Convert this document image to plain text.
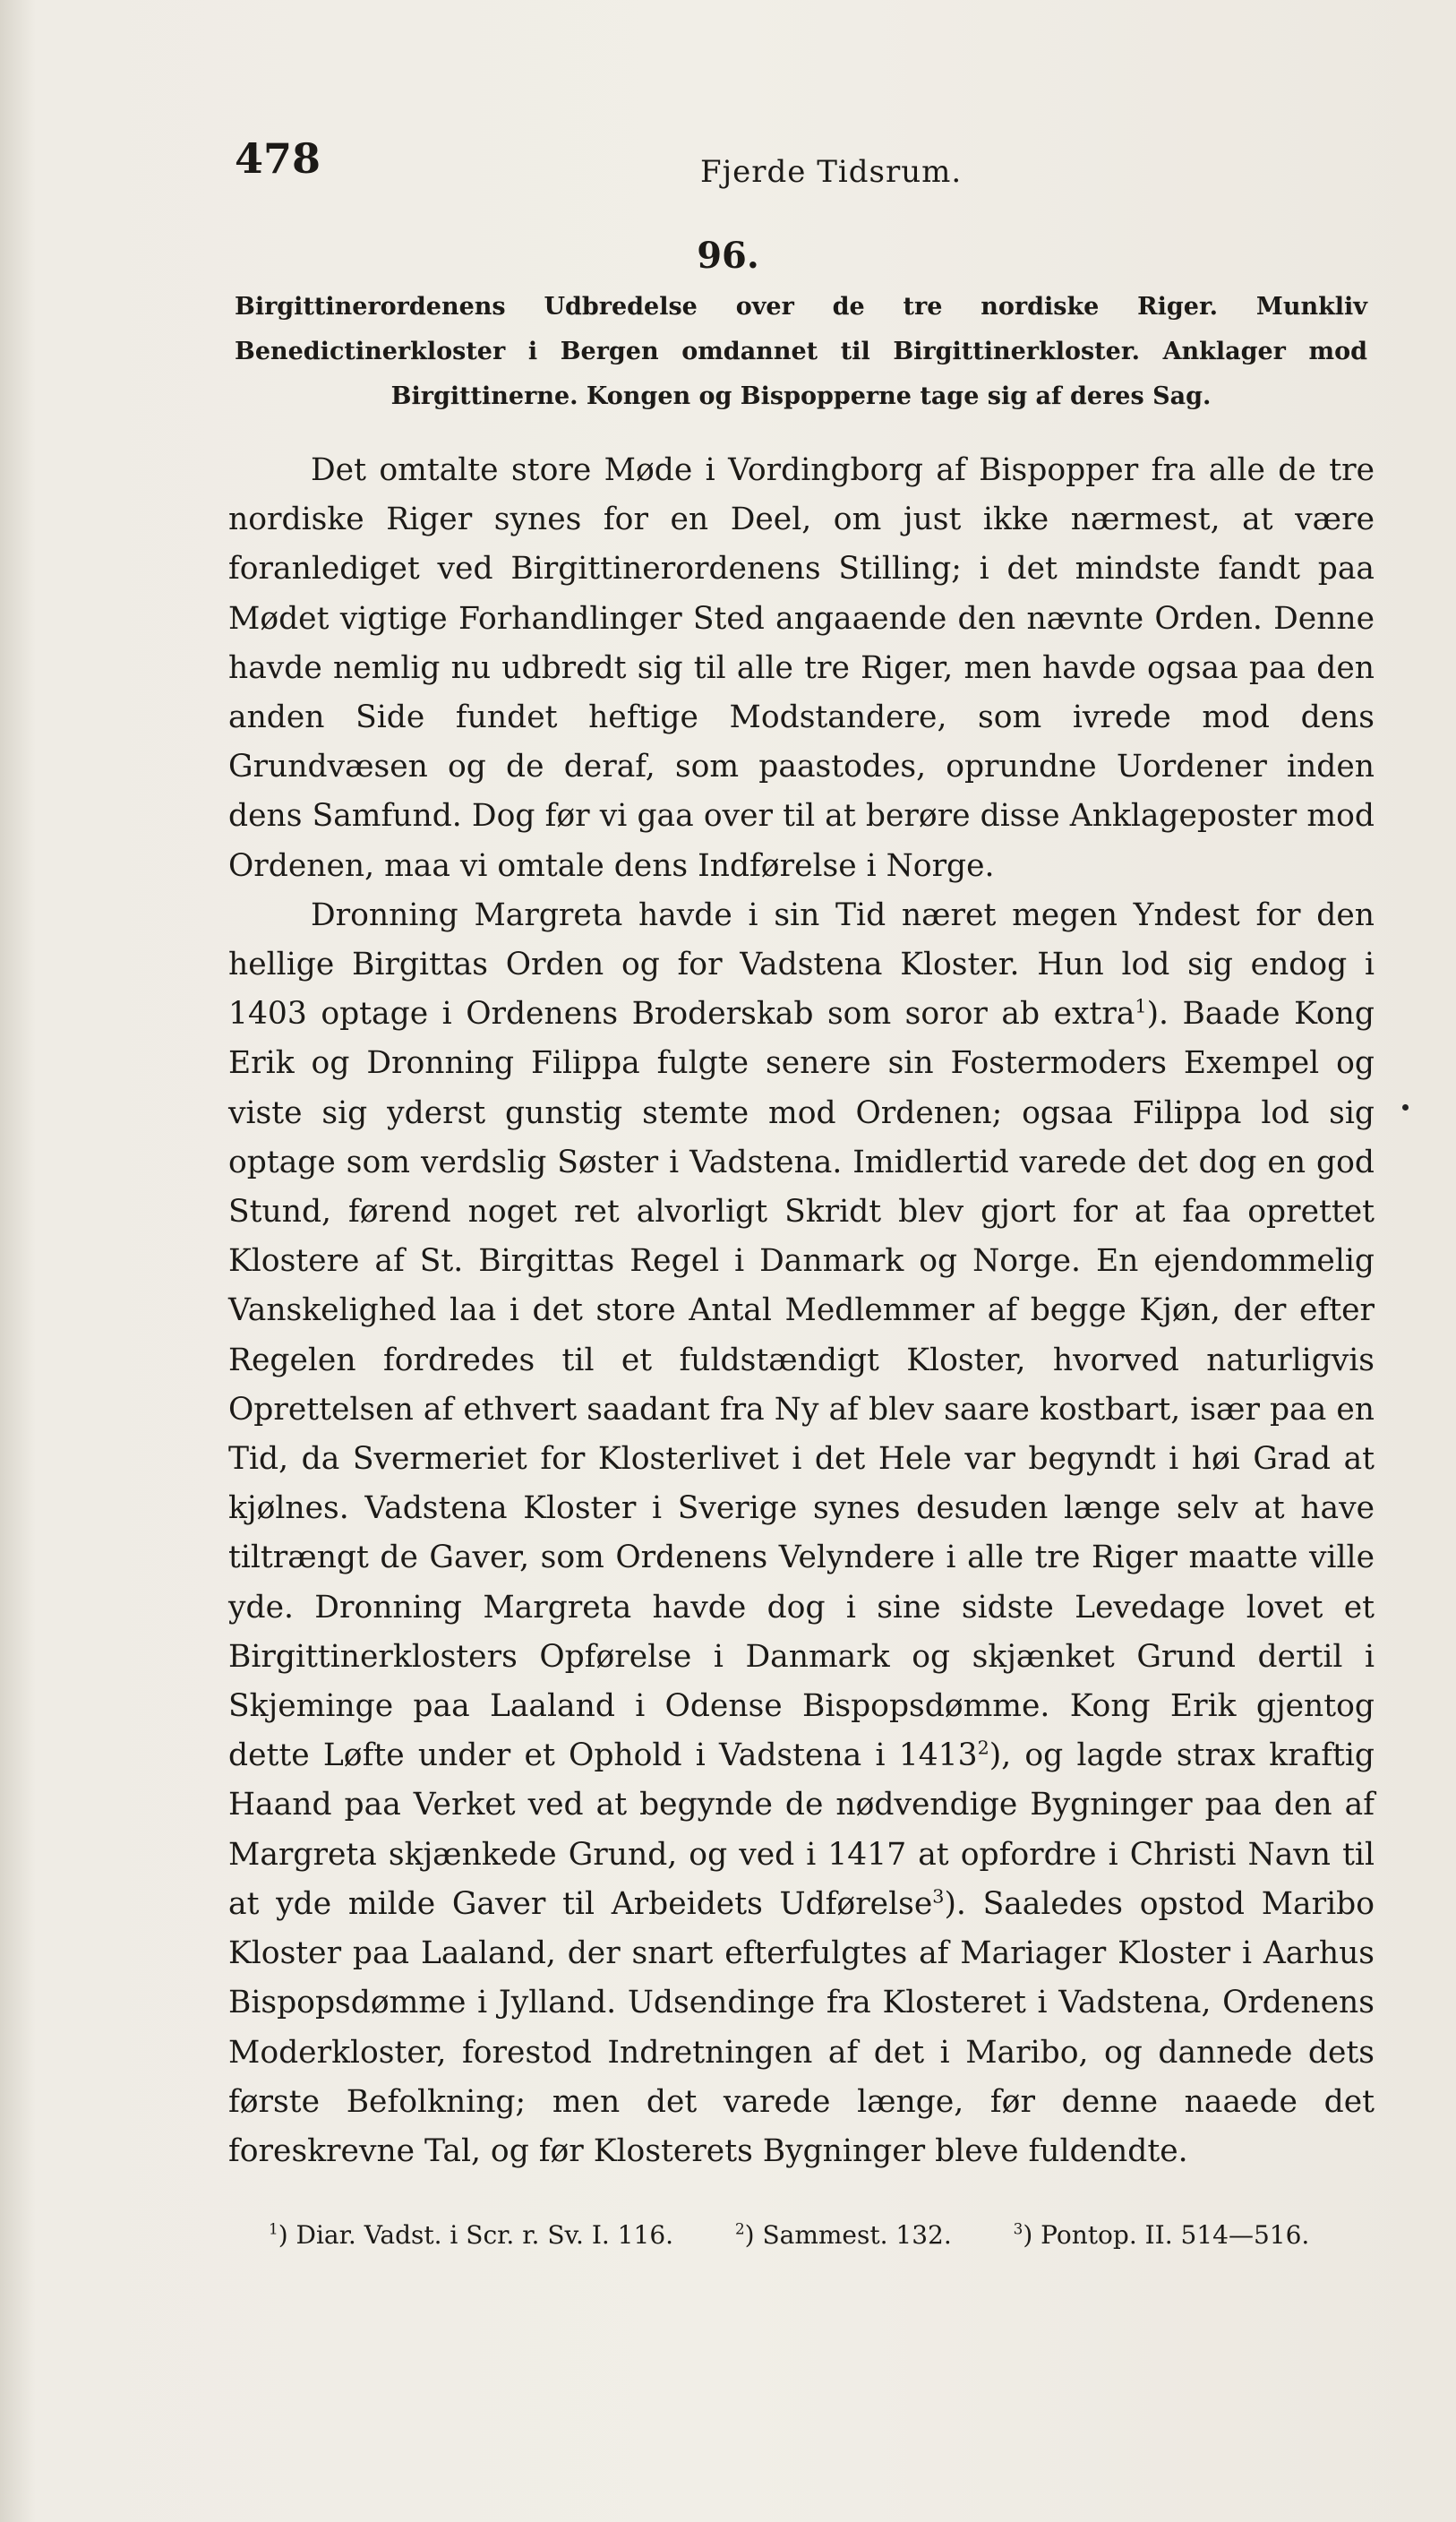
478	Fjerde Tidsrum.
96.
Birgittinerordenens Udbredelse over de tre nordiske Riger. Munkliv Benedictinerkloster i Bergen omdannet til Birgittinerkloster. Anklager mod Birgittinerne. Kongen og Bispopperne tage sig af deres Sag.

Det omtalte store Møde i Vordingborg af Bispopper fra alle de tre nordiske Riger synes for en Deel, om just ikke nærmest, at være foranlediget ved Birgittinerordenens Stilling; i det mindste fandt paa Mødet vigtige Forhandlinger Sted angaaende den nævnte Orden. Denne havde nemlig nu udbredt sig til alle tre Riger, men havde ogsaa paa den anden Side fundet heftige Modstandere, som ivrede mod dens Grundvæsen og de deraf, som paastodes, oprundne Uordener inden dens Samfund. Dog før vi gaa over til at berøre disse Anklageposter mod Ordenen, maa vi omtale dens Indførelse i Norge.

Dronning Margreta havde i sin Tid næret megen Yndest for den hellige Birgittas Orden og for Vadstena Kloster. Hun lod sig endog i 1403 optage i Ordenens Broderskab som soror ab extra$^1$). Baade Kong Erik og Dronning Filippa fulgte senere sin Fostermoders Exempel og viste sig yderst gunstig stemte mod Ordenen; ogsaa Filippa lod sig optage som verdslig Søster i Vadstena. Imidlertid varede det dog en god Stund, førend noget ret alvorligt Skridt blev gjort for at faa oprettet Klostere af St. Birgittas Regel i Danmark og Norge. En ejendommelig Vanskelighed laa i det store Antal Medlemmer af begge Kjøn, der efter Regelen fordredes til et fuldstændigt Kloster, hvorved naturligvis Oprettelsen af ethvert saadant fra Ny af blev saare kostbart, især paa en Tid, da Svermeriet for Klosterlivet i det Hele var begyndt i høi Grad at kjølnes. Vadstena Kloster i Sverige synes desuden længe selv at have tiltrængt de Gaver, som Ordenens Velyndere i alle tre Riger maatte ville yde. Dronning Margreta havde dog i sine sidste Levedage lovet et Birgittinerklosters Opførelse i Danmark og skjænket Grund dertil i Skjeminge paa Laaland i Odense Bispopsdømme. Kong Erik gjentog dette Løfte under et Ophold i Vadstena i 1413$^2$), og lagde strax kraftig Haand paa Verket ved at begynde de nødvendige Bygninger paa den af Margreta skjænkede Grund, og ved i 1417 at opfordre i Christi Navn til at yde milde Gaver til Arbeidets Udførelse$^3$). Saaledes opstod Maribo Kloster paa Laaland, der snart efterfulgtes af Mariager Kloster i Aarhus Bispopsdømme i Jylland. Udsendinge fra Klosteret i Vadstena, Ordenens Moderkloster, forestod Indretningen af det i Maribo, og dannede dets første Befolkning; men det varede længe, før denne naaede det foreskrevne Tal, og før Klosterets Bygninger bleve fuldendte.

$^1$) Diar. Vadst. i Scr. r. Sv. I. 116.	$^2$) Sammest. 132.	$^3$) Pontop. II. 514—516.
